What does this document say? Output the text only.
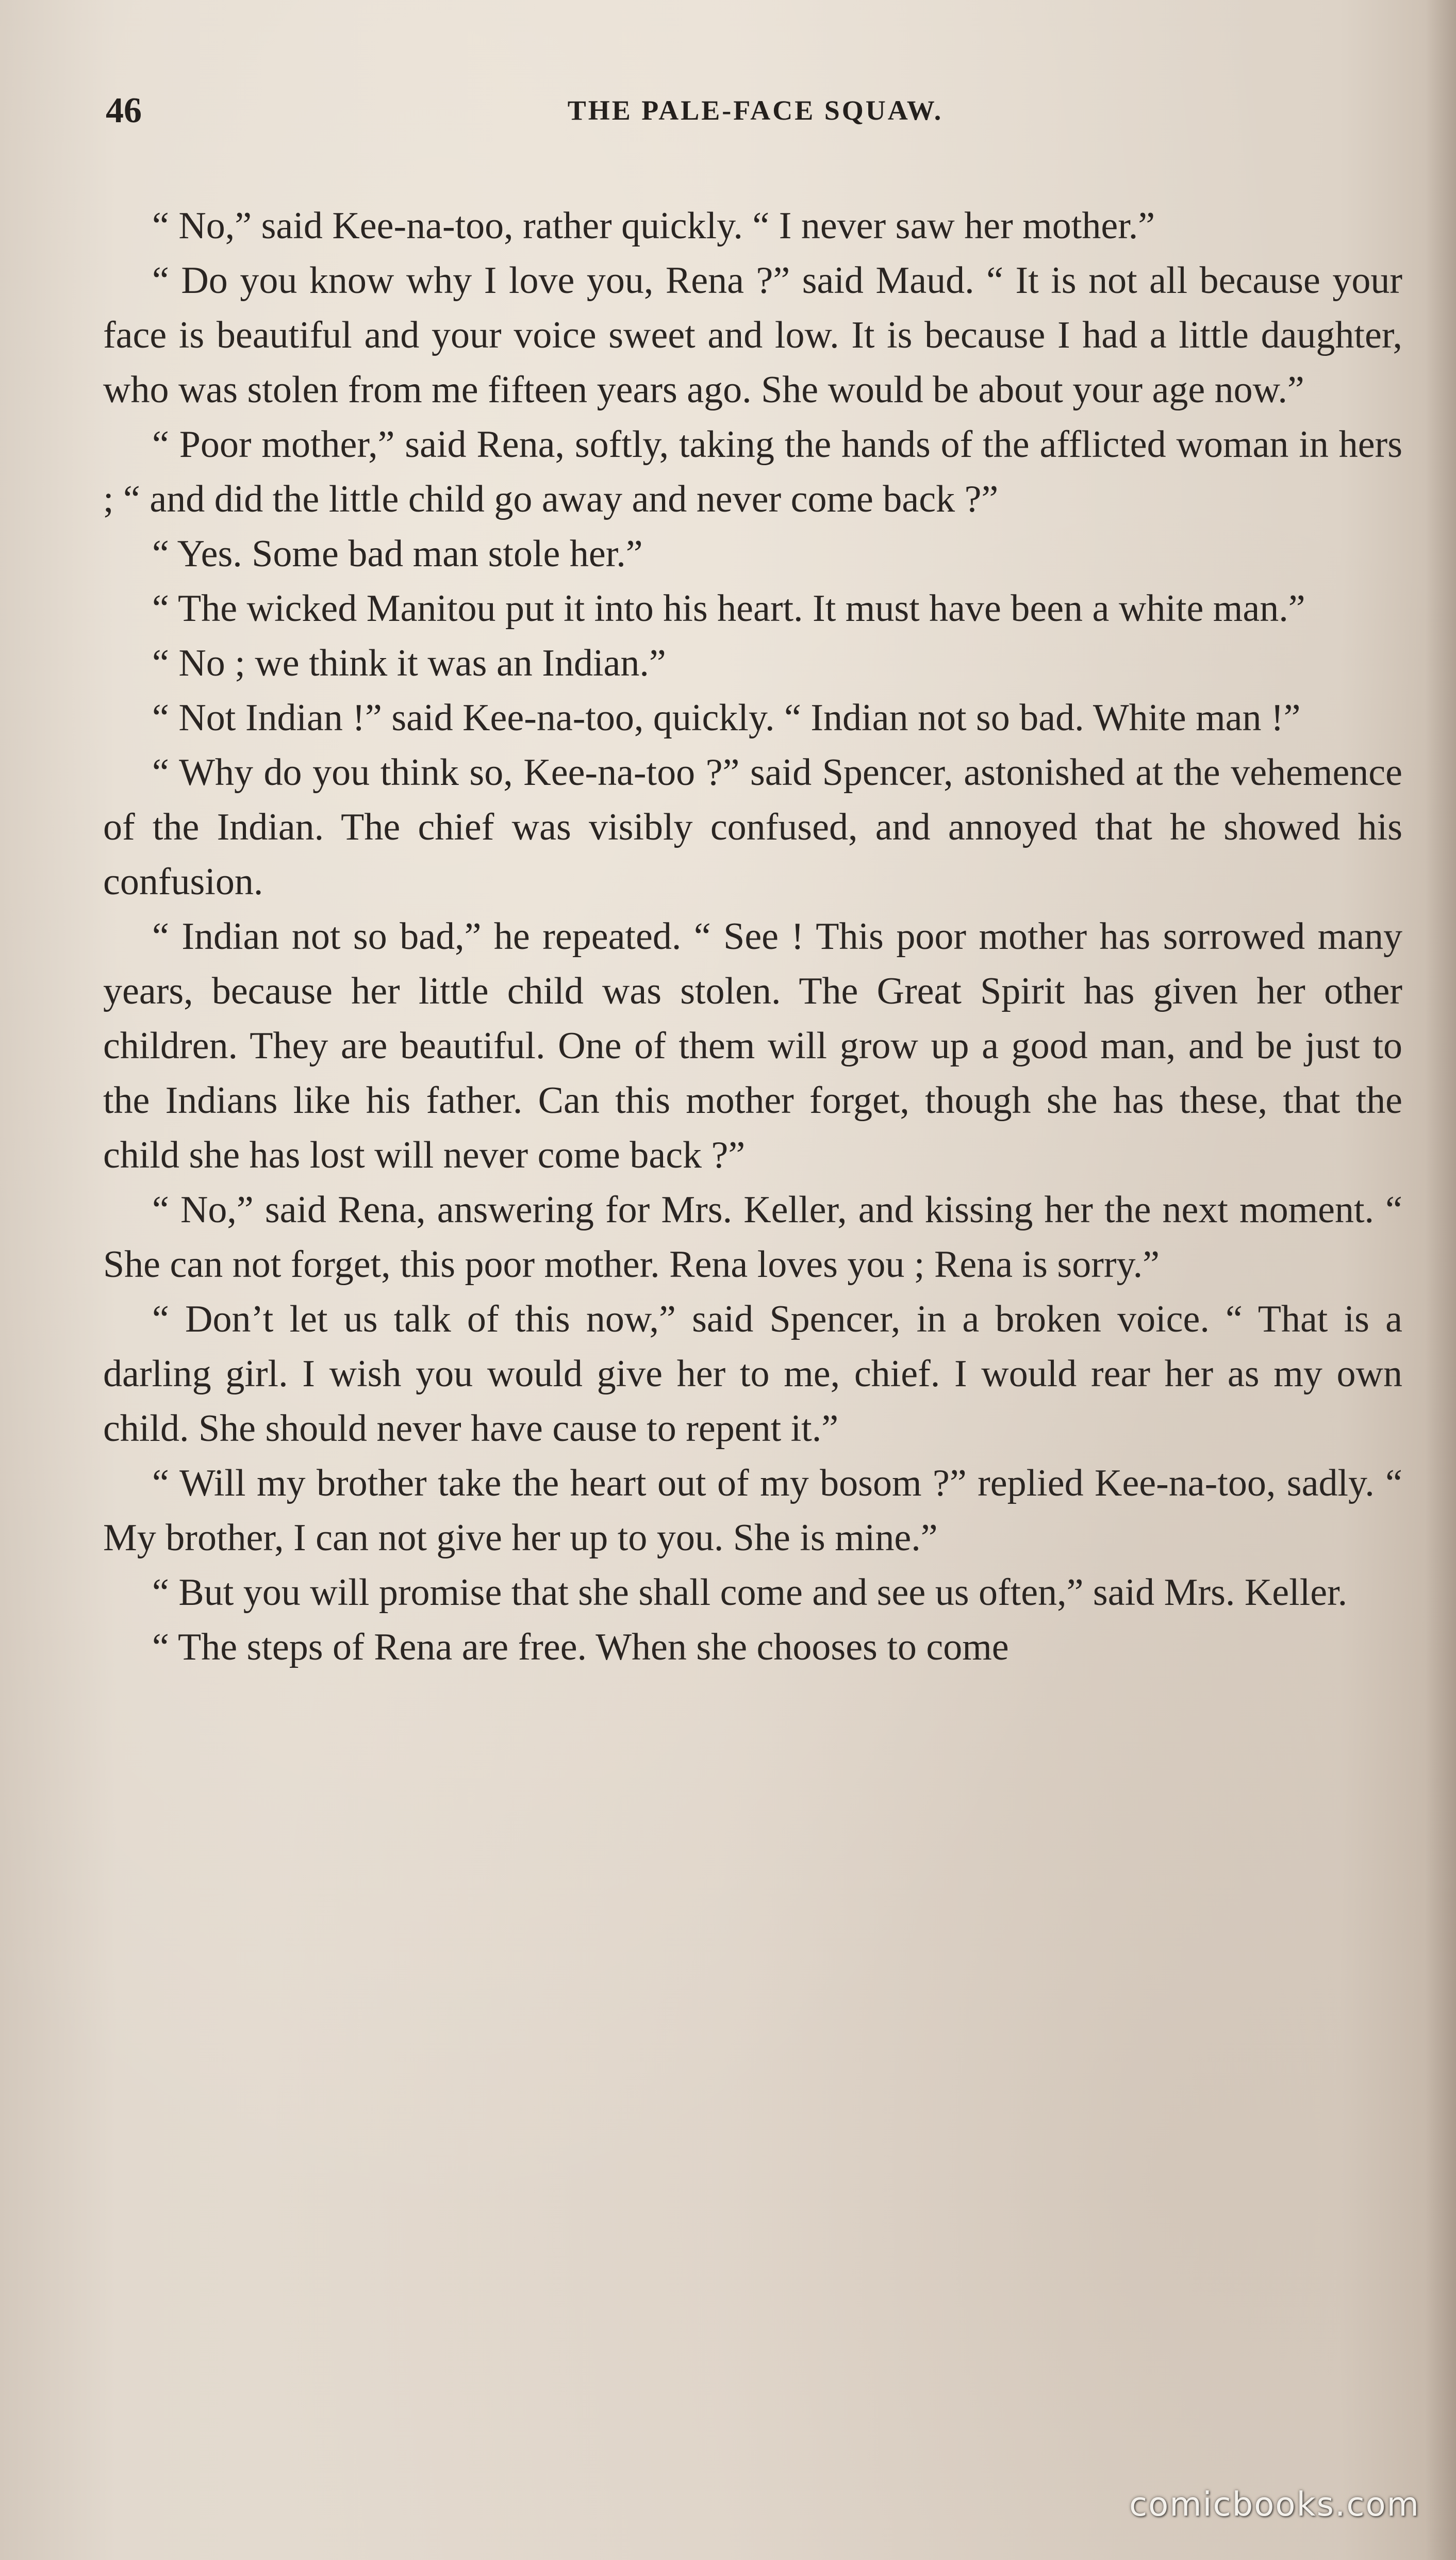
46	THE PALE-FACE SQUAW.

“ No,” said Kee-na-too, rather quickly. “ I never saw her mother.”

“ Do you know why I love you, Rena ?” said Maud. “ It is not all because your face is beautiful and your voice sweet and low. It is because I had a little daughter, who was stolen from me fifteen years ago. She would be about your age now.”

“ Poor mother,” said Rena, softly, taking the hands of the afflicted woman in hers ; “ and did the little child go away and never come back ?”

“ Yes. Some bad man stole her.”

“ The wicked Manitou put it into his heart. It must have been a white man.”

“ No ; we think it was an Indian.”

“ Not Indian !” said Kee-na-too, quickly. “ Indian not so bad. White man !”

“ Why do you think so, Kee-na-too ?” said Spencer, astonished at the vehemence of the Indian. The chief was visibly confused, and annoyed that he showed his confusion.

“ Indian not so bad,” he repeated. “ See ! This poor mother has sorrowed many years, because her little child was stolen. The Great Spirit has given her other children. They are beautiful. One of them will grow up a good man, and be just to the Indians like his father. Can this mother forget, though she has these, that the child she has lost will never come back ?”

“ No,” said Rena, answering for Mrs. Keller, and kissing her the next moment. “ She can not forget, this poor mother. Rena loves you ; Rena is sorry.”

“ Don’t let us talk of this now,” said Spencer, in a broken voice. “ That is a darling girl. I wish you would give her to me, chief. I would rear her as my own child. She should never have cause to repent it.”

“ Will my brother take the heart out of my bosom ?” replied Kee-na-too, sadly. “ My brother, I can not give her up to you. She is mine.”

“ But you will promise that she shall come and see us often,” said Mrs. Keller.

“ The steps of Rena are free. When she chooses to come

comicbooks.com
